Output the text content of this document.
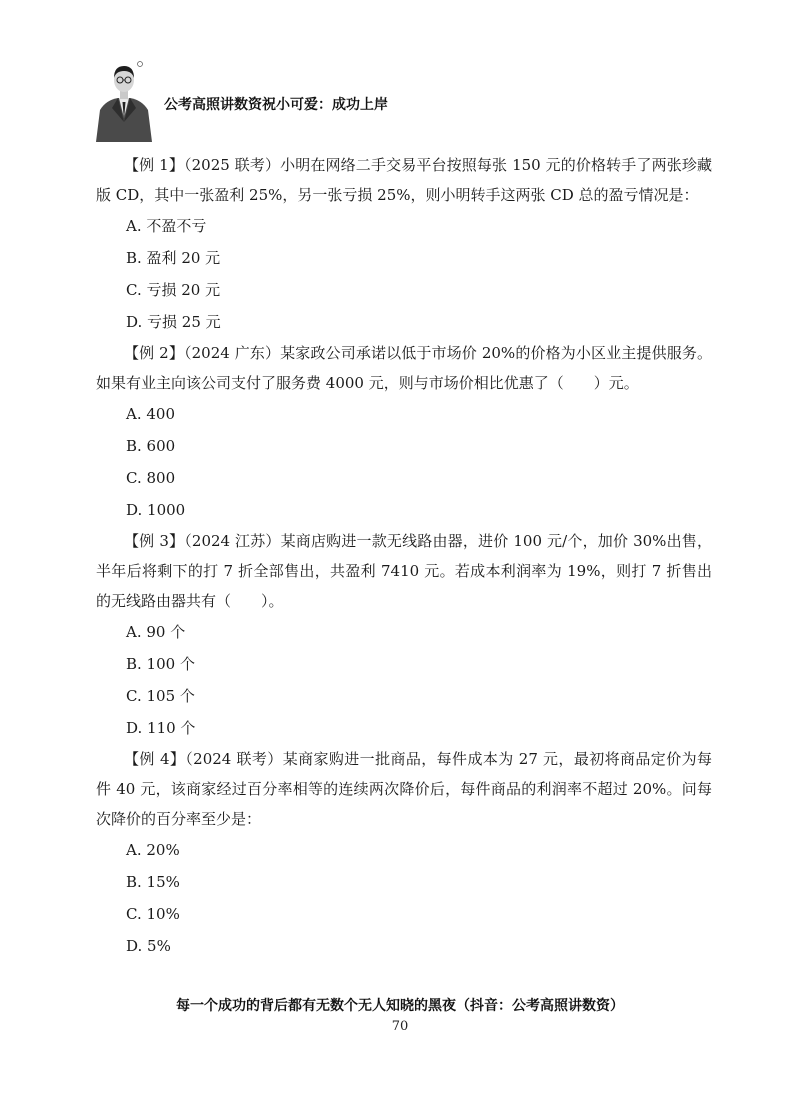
公考高照讲数资祝小可爱：成功上岸

【例 1】（2025 联考）小明在网络二手交易平台按照每张 150 元的价格转手了两张珍藏版 CD，其中一张盈利 25%，另一张亏损 25%，则小明转手这两张 CD 总的盈亏情况是：

A. 不盈不亏

B. 盈利 20 元

C. 亏损 20 元

D. 亏损 25 元

【例 2】（2024 广东）某家政公司承诺以低于市场价 20%的价格为小区业主提供服务。如果有业主向该公司支付了服务费 4000 元，则与市场价相比优惠了（　　）元。

A. 400

B. 600

C. 800

D. 1000

【例 3】（2024 江苏）某商店购进一款无线路由器，进价 100 元/个，加价 30%出售，半年后将剩下的打 7 折全部售出，共盈利 7410 元。若成本利润率为 19%，则打 7 折售出的无线路由器共有（　　）。

A. 90 个

B. 100 个

C. 105 个

D. 110 个

【例 4】（2024 联考）某商家购进一批商品，每件成本为 27 元，最初将商品定价为每件 40 元，该商家经过百分率相等的连续两次降价后，每件商品的利润率不超过 20%。问每次降价的百分率至少是：

A. 20%

B. 15%

C. 10%

D. 5%

每一个成功的背后都有无数个无人知晓的黑夜（抖音：公考高照讲数资）
70
